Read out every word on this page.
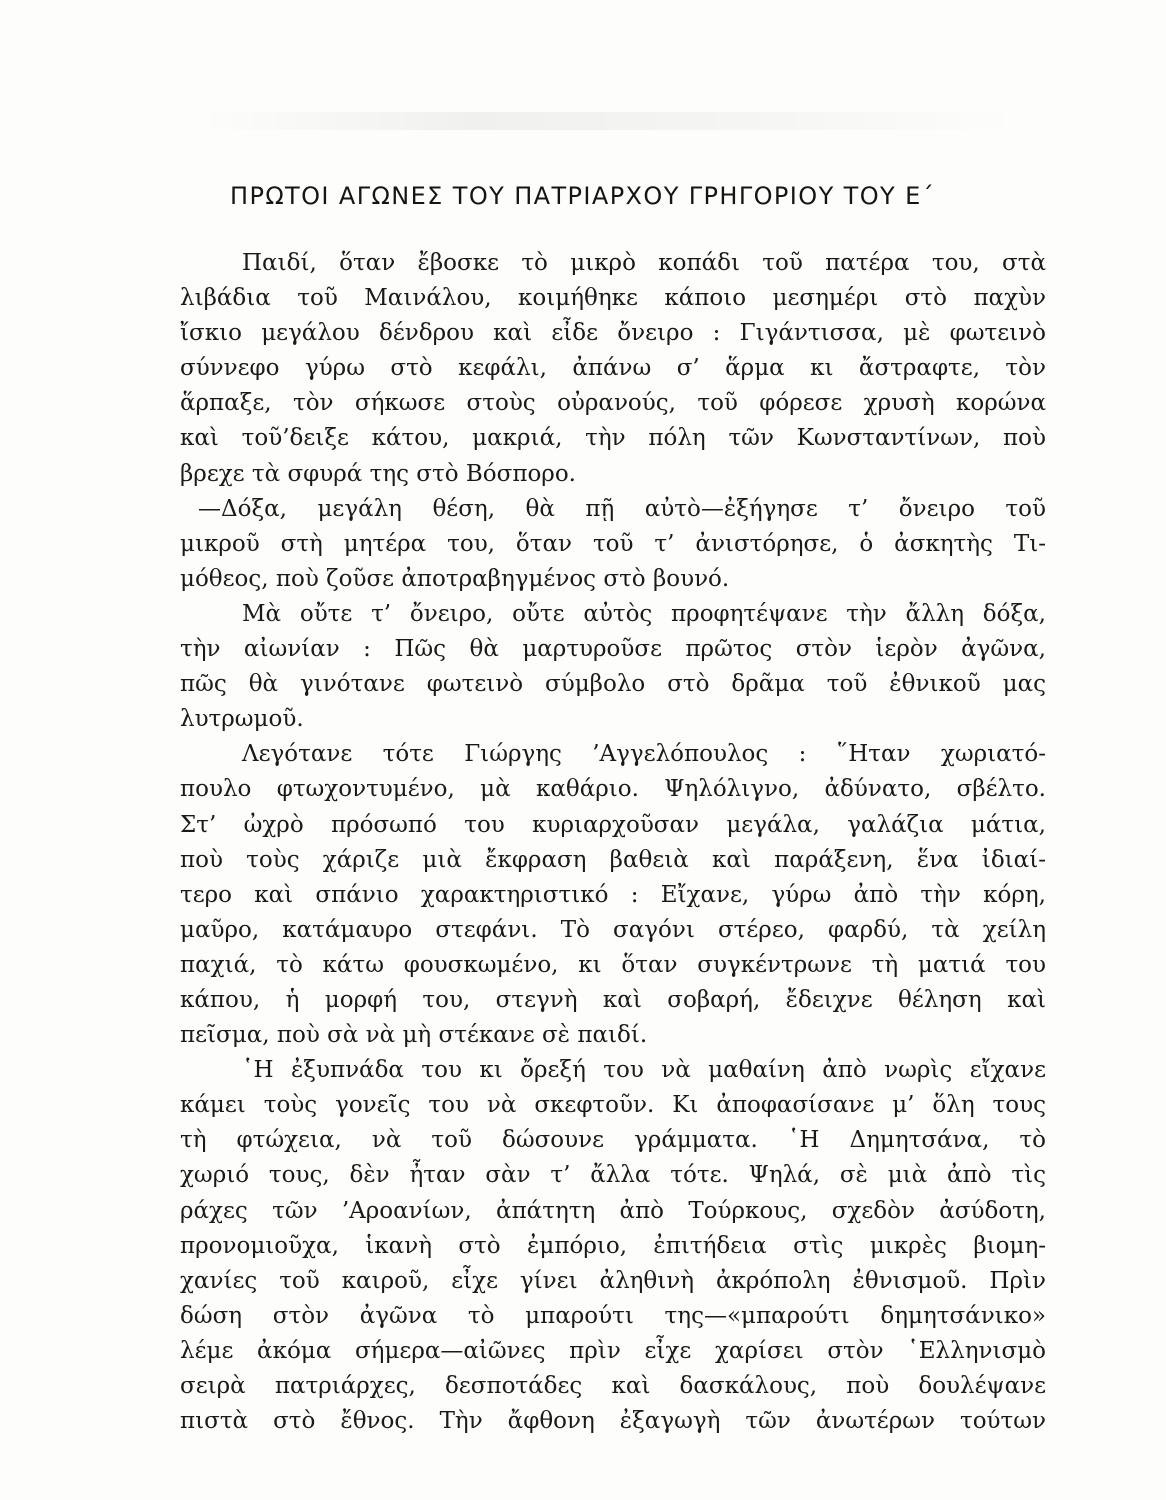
ΠΡΩΤΟΙ ΑΓΩΝΕΣ ΤΟΥ ΠΑΤΡΙΑΡΧΟΥ ΓΡΗΓΟΡΙΟΥ ΤΟΥ Ε΄
Παιδί, ὅταν ἔβοσκε τὸ μικρὸ κοπάδι τοῦ πατέρα του, στὰ
λιβάδια τοῦ Μαινάλου, κοιμήθηκε κάποιο μεσημέρι στὸ παχὺν
ἴσκιο μεγάλου δένδρου καὶ εἶδε ὄνειρο : Γιγάντισσα, μὲ φωτεινὸ
σύννεφο γύρω στὸ κεφάλι, ἀπάνω σ’ ἅρμα κι ἄστραφτε, τὸν
ἅρπαξε, τὸν σήκωσε στοὺς οὐρανούς, τοῦ φόρεσε χρυσὴ κορώνα
καὶ τοῦ’δειξε κάτου, μακριά, τὴν πόλη τῶν Κωνσταντίνων, ποὺ
βρεχε τὰ σφυρά της στὸ Βόσπορο.
—Δόξα, μεγάλη θέση, θὰ πῇ αὐτὸ—ἐξήγησε τ’ ὄνειρο τοῦ
μικροῦ στὴ μητέρα του, ὅταν τοῦ τ’ ἀνιστόρησε, ὁ ἀσκητὴς Τι-
μόθεος, ποὺ ζοῦσε ἀποτραβηγμένος στὸ βουνό.
Μὰ οὔτε τ’ ὄνειρο, οὔτε αὐτὸς προφητέψανε τὴν ἄλλη δόξα,
τὴν αἰωνίαν : Πῶς θὰ μαρτυροῦσε πρῶτος στὸν ἱερὸν ἀγῶνα,
πῶς θὰ γινότανε φωτεινὸ σύμβολο στὸ δρᾶμα τοῦ ἐθνικοῦ μας
λυτρωμοῦ.
Λεγότανε τότε Γιώργης ’Αγγελόπουλος : ῞Ηταν χωριατό-
πουλο φτωχοντυμένο, μὰ καθάριο. Ψηλόλιγνο, ἀδύνατο, σβέλτο.
Στ’ ὠχρὸ πρόσωπό του κυριαρχοῦσαν μεγάλα, γαλάζια μάτια,
ποὺ τοὺς χάριζε μιὰ ἔκφραση βαθειὰ καὶ παράξενη, ἕνα ἰδιαί-
τερο καὶ σπάνιο χαρακτηριστικό : Εἴχανε, γύρω ἀπὸ τὴν κόρη,
μαῦρο, κατάμαυρο στεφάνι. Τὸ σαγόνι στέρεο, φαρδύ, τὰ χείλη
παχιά, τὸ κάτω φουσκωμένο, κι ὅταν συγκέντρωνε τὴ ματιά του
κάπου, ἡ μορφή του, στεγνὴ καὶ σοβαρή, ἔδειχνε θέληση καὶ
πεῖσμα, ποὺ σὰ νὰ μὴ στέκανε σὲ παιδί.
῾Η ἐξυπνάδα του κι ὄρεξή του νὰ μαθαίνη ἀπὸ νωρὶς εἴχανε
κάμει τοὺς γονεῖς του νὰ σκεφτοῦν. Κι ἀποφασίσανε μ’ ὅλη τους
τὴ φτώχεια, νὰ τοῦ δώσουνε γράμματα. ῾Η Δημητσάνα, τὸ
χωριό τους, δὲν ἦταν σὰν τ’ ἄλλα τότε. Ψηλά, σὲ μιὰ ἀπὸ τὶς
ράχες τῶν ’Αροανίων, ἀπάτητη ἀπὸ Τούρκους, σχεδὸν ἀσύδοτη,
προνομιοῦχα, ἱκανὴ στὸ ἐμπόριο, ἐπιτήδεια στὶς μικρὲς βιομη-
χανίες τοῦ καιροῦ, εἶχε γίνει ἀληθινὴ ἀκρόπολη ἐθνισμοῦ. Πρὶν
δώση στὸν ἀγῶνα τὸ μπαρούτι της—«μπαρούτι δημητσάνικο»
λέμε ἀκόμα σήμερα—αἰῶνες πρὶν εἶχε χαρίσει στὸν ῾Ελληνισμὸ
σειρὰ πατριάρχες, δεσποτάδες καὶ δασκάλους, ποὺ δουλέψανε
πιστὰ στὸ ἔθνος. Τὴν ἄφθονη ἐξαγωγὴ τῶν ἀνωτέρων τούτων
